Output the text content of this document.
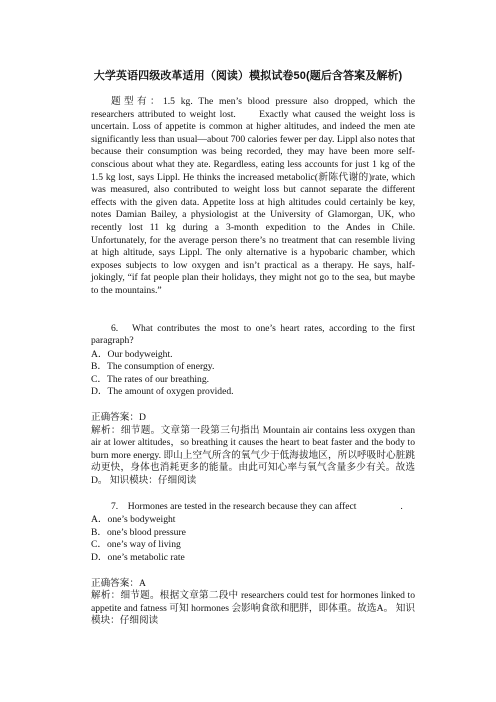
大学英语四级改革适用（阅读）模拟试卷50(题后含答案及解析)

题型有：1.5 kg. The men’s blood pressure also dropped, which the researchers attributed to weight lost.　　Exactly what caused the weight loss is uncertain. Loss of appetite is common at higher altitudes, and indeed the men ate significantly less than usual—about 700 calories fewer per day. Lippl also notes that because their consumption was being recorded, they may have been more self-conscious about what they ate. Regardless, eating less accounts for just 1 kg of the 1.5 kg lost, says Lippl. He thinks the increased metabolic(新陈代谢的)rate, which was measured, also contributed to weight loss but cannot separate the different effects with the given data. Appetite loss at high altitudes could certainly be key, notes Damian Bailey, a physiologist at the University of Glamorgan, UK, who recently lost 11 kg during a 3-month expedition to the Andes in Chile.　　Unfortunately, for the average person there’s no treatment that can resemble living at high altitude, says Lippl. The only alternative is a hypobaric chamber, which exposes subjects to low oxygen and isn’t practical as a therapy. He says, half-jokingly, “if fat people plan their holidays, they might not go to the sea, but maybe to the mountains.”

6.　What contributes the most to one’s heart rates, according to the first paragraph?

A．Our bodyweight.
B．The consumption of energy.
C．The rates of our breathing.
D．The amount of oxygen provided.

正确答案：D

解析：细节题。文章第一段第三句指出 Mountain air contains less oxygen than air at lower altitudes，so breathing it causes the heart to beat faster and the body to burn more energy. 即山上空气所含的氧气少于低海拔地区，所以呼吸时心脏跳动更快，身体也消耗更多的能量。由此可知心率与氧气含量多少有关。故选D。 知识模块：仔细阅读

7.　Hormones are tested in the research because they can affect	.

A．one’s bodyweight
B．one’s blood pressure
C．one’s way of living
D．one’s metabolic rate

正确答案：A

解析：细节题。根据文章第二段中 researchers could test for hormones linked to appetite and fatness 可知 hormones 会影响食欲和肥胖，即体重。故选A。 知识模块：仔细阅读
